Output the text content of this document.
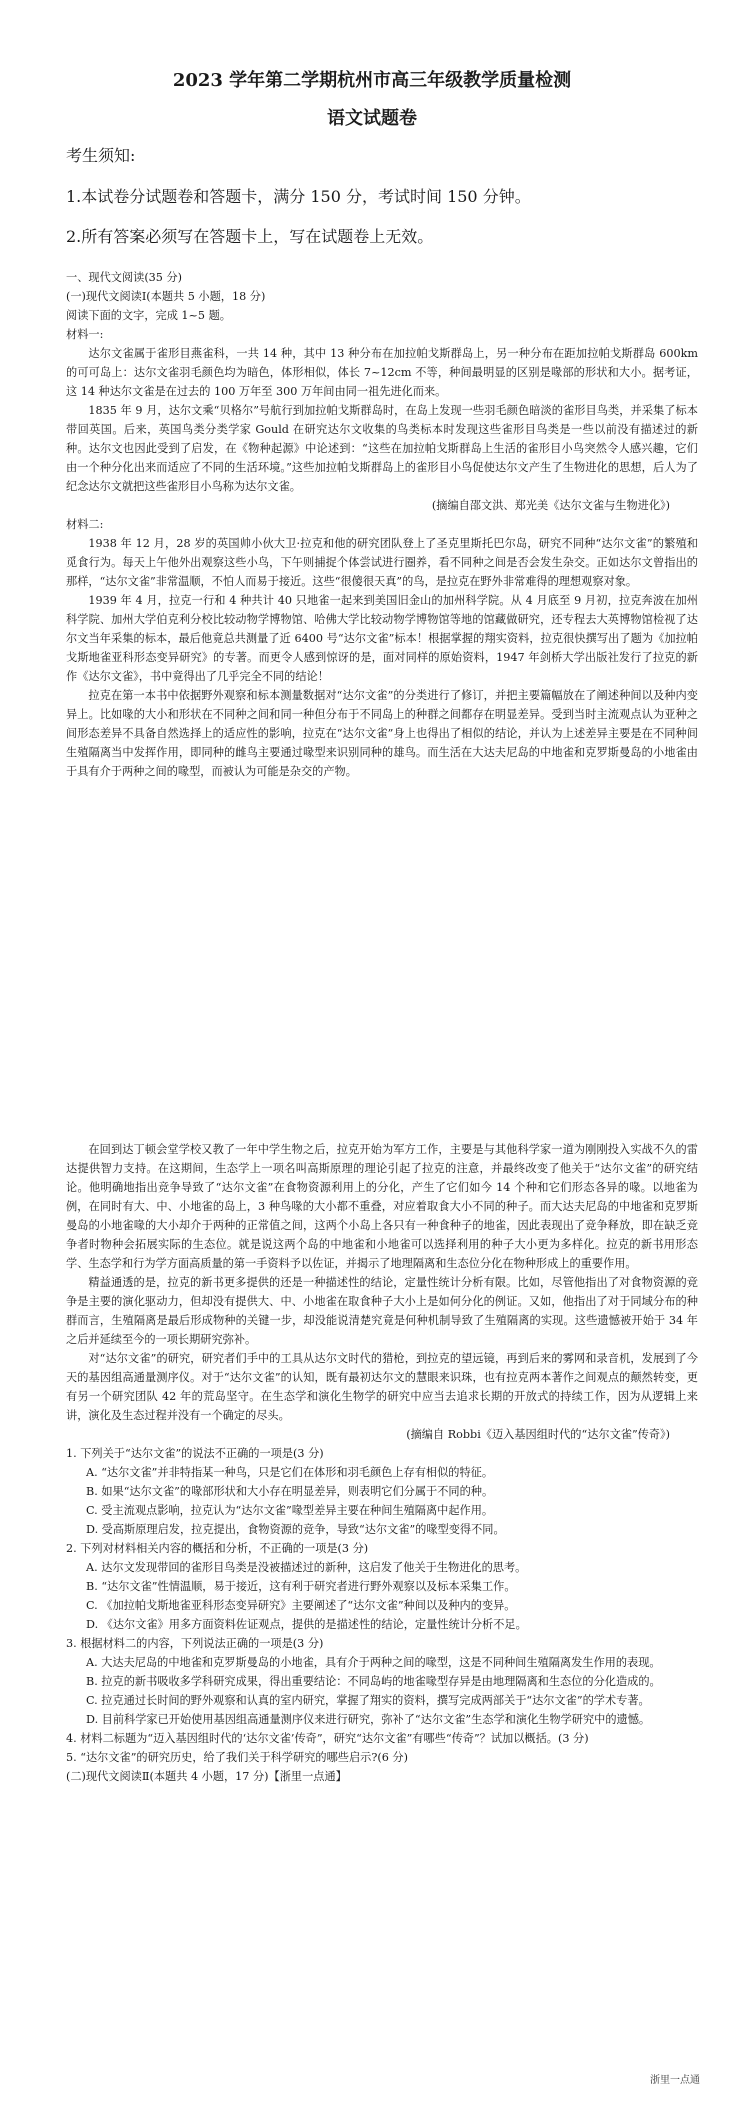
2023 学年第二学期杭州市高三年级教学质量检测
语文试题卷
考生须知:
1.本试卷分试题卷和答题卡，满分 150 分，考试时间 150 分钟。
2.所有答案必须写在答题卡上，写在试题卷上无效。

一、现代文阅读(35 分)

(一)现代文阅读Ⅰ(本题共 5 小题，18 分)

阅读下面的文字，完成 1~5 题。

材料一:

达尔文雀属于雀形目燕雀科，一共 14 种，其中 13 种分布在加拉帕戈斯群岛上，另一种分布在距加拉帕戈斯群岛 600km 的可可岛上：达尔文雀羽毛颜色均为暗色，体形相似，体长 7~12cm 不等，种间最明显的区别是喙部的形状和大小。据考证，这 14 种达尔文雀是在过去的 100 万年至 300 万年间由同一祖先进化而来。

1835 年 9 月，达尔文乘“贝格尔”号航行到加拉帕戈斯群岛时，在岛上发现一些羽毛颜色暗淡的雀形目鸟类，并采集了标本带回英国。后来，英国鸟类分类学家 Gould 在研究达尔文收集的鸟类标本时发现这些雀形目鸟类是一些以前没有描述过的新种。达尔文也因此受到了启发，在《物种起源》中论述到：“这些在加拉帕戈斯群岛上生活的雀形目小鸟突然令人感兴趣，它们由一个种分化出来而适应了不同的生活环境。”这些加拉帕戈斯群岛上的雀形目小鸟促使达尔文产生了生物进化的思想，后人为了纪念达尔文就把这些雀形目小鸟称为达尔文雀。

(摘编自邵文洪、郑光美《达尔文雀与生物进化》)

材料二:

1938 年 12 月，28 岁的英国帅小伙大卫·拉克和他的研究团队登上了圣克里斯托巴尔岛，研究不同种“达尔文雀”的繁殖和觅食行为。每天上午他外出观察这些小鸟，下午则捕捉个体尝试进行圈养，看不同种之间是否会发生杂交。正如达尔文曾指出的那样，“达尔文雀”非常温顺，不怕人而易于接近。这些“很傻很天真”的鸟，是拉克在野外非常难得的理想观察对象。

1939 年 4 月，拉克一行和 4 种共计 40 只地雀一起来到美国旧金山的加州科学院。从 4 月底至 9 月初，拉克奔波在加州科学院、加州大学伯克利分校比较动物学博物馆、哈佛大学比较动物学博物馆等地的馆藏做研究，还专程去大英博物馆检视了达尔文当年采集的标本，最后他竟总共测量了近 6400 号“达尔文雀”标本！根据掌握的翔实资料，拉克很快撰写出了题为《加拉帕戈斯地雀亚科形态变异研究》的专著。而更令人感到惊讶的是，面对同样的原始资料，1947 年剑桥大学出版社发行了拉克的新作《达尔文雀》，书中竟得出了几乎完全不同的结论！

拉克在第一本书中依据野外观察和标本测量数据对“达尔文雀”的分类进行了修订，并把主要篇幅放在了阐述种间以及种内变异上。比如喙的大小和形状在不同种之间和同一种但分布于不同岛上的种群之间都存在明显差异。受到当时主流观点认为亚种之间形态差异不具备自然选择上的适应性的影响，拉克在“达尔文雀”身上也得出了相似的结论，并认为上述差异主要是在不同种间生殖隔离当中发挥作用，即同种的雌鸟主要通过喙型来识别同种的雄鸟。而生活在大达夫尼岛的中地雀和克罗斯曼岛的小地雀由于具有介于两种之间的喙型，而被认为可能是杂交的产物。

在回到达丁顿会堂学校又教了一年中学生物之后，拉克开始为军方工作，主要是与其他科学家一道为刚刚投入实战不久的雷达提供智力支持。在这期间，生态学上一项名叫高斯原理的理论引起了拉克的注意，并最终改变了他关于“达尔文雀”的研究结论。他明确地指出竞争导致了“达尔文雀”在食物资源利用上的分化，产生了它们如今 14 个种和它们形态各异的喙。以地雀为例，在同时有大、中、小地雀的岛上，3 种鸟喙的大小都不重叠，对应着取食大小不同的种子。而大达夫尼岛的中地雀和克罗斯曼岛的小地雀喙的大小却介于两种的正常值之间，这两个小岛上各只有一种食种子的地雀，因此表现出了竞争释放，即在缺乏竞争者时物种会拓展实际的生态位。就是说这两个岛的中地雀和小地雀可以选择利用的种子大小更为多样化。拉克的新书用形态学、生态学和行为学方面高质量的第一手资料予以佐证，并揭示了地理隔离和生态位分化在物种形成上的重要作用。

精益通透的是，拉克的新书更多提供的还是一种描述性的结论，定量性统计分析有限。比如，尽管他指出了对食物资源的竞争是主要的演化驱动力，但却没有提供大、中、小地雀在取食种子大小上是如何分化的例证。又如，他指出了对于同域分布的种群而言，生殖隔离是最后形成物种的关键一步，却没能说清楚究竟是何种机制导致了生殖隔离的实现。这些遗憾被开始于 34 年之后并延续至今的一项长期研究弥补。

对“达尔文雀”的研究，研究者们手中的工具从达尔文时代的猎枪，到拉克的望远镜，再到后来的雾网和录音机，发展到了今天的基因组高通量测序仪。对于“达尔文雀”的认知，既有最初达尔文的慧眼来识珠，也有拉克两本著作之间观点的颠然转变，更有另一个研究团队 42 年的荒岛坚守。在生态学和演化生物学的研究中应当去追求长期的开放式的持续工作，因为从逻辑上来讲，演化及生态过程并没有一个确定的尽头。

(摘编自 Robbi《迈入基因组时代的“达尔文雀”传奇》)

1. 下列关于“达尔文雀”的说法不正确的一项是(3 分)

A. “达尔文雀”并非特指某一种鸟，只是它们在体形和羽毛颜色上存有相似的特征。

B. 如果“达尔文雀”的喙部形状和大小存在明显差异，则表明它们分属于不同的种。

C. 受主流观点影响，拉克认为“达尔文雀”喙型差异主要在种间生殖隔离中起作用。

D. 受高斯原理启发，拉克提出，食物资源的竞争，导致“达尔文雀”的喙型变得不同。

2. 下列对材料相关内容的概括和分析，不正确的一项是(3 分)

A. 达尔文发现带回的雀形目鸟类是没被描述过的新种，这启发了他关于生物进化的思考。

B. “达尔文雀”性情温顺，易于接近，这有利于研究者进行野外观察以及标本采集工作。

C. 《加拉帕戈斯地雀亚科形态变异研究》主要阐述了“达尔文雀”种间以及种内的变异。

D. 《达尔文雀》用多方面资料佐证观点，提供的是描述性的结论，定量性统计分析不足。

3. 根据材料二的内容，下列说法正确的一项是(3 分)

A. 大达夫尼岛的中地雀和克罗斯曼岛的小地雀，具有介于两种之间的喙型，这是不同种间生殖隔离发生作用的表现。

B. 拉克的新书吸收多学科研究成果，得出重要结论：不同岛屿的地雀喙型存异是由地理隔离和生态位的分化造成的。

C. 拉克通过长时间的野外观察和认真的室内研究，掌握了翔实的资料，撰写完成两部关于“达尔文雀”的学术专著。

D. 目前科学家已开始使用基因组高通量测序仪来进行研究，弥补了“达尔文雀”生态学和演化生物学研究中的遗憾。

4. 材料二标题为“迈入基因组时代的‘达尔文雀’传奇”，研究“达尔文雀”有哪些“传奇”？试加以概括。(3 分)

5. “达尔文雀”的研究历史，给了我们关于科学研究的哪些启示?(6 分)

(二)现代文阅读Ⅱ(本题共 4 小题，17 分)【浙里一点通】

浙里一点通
